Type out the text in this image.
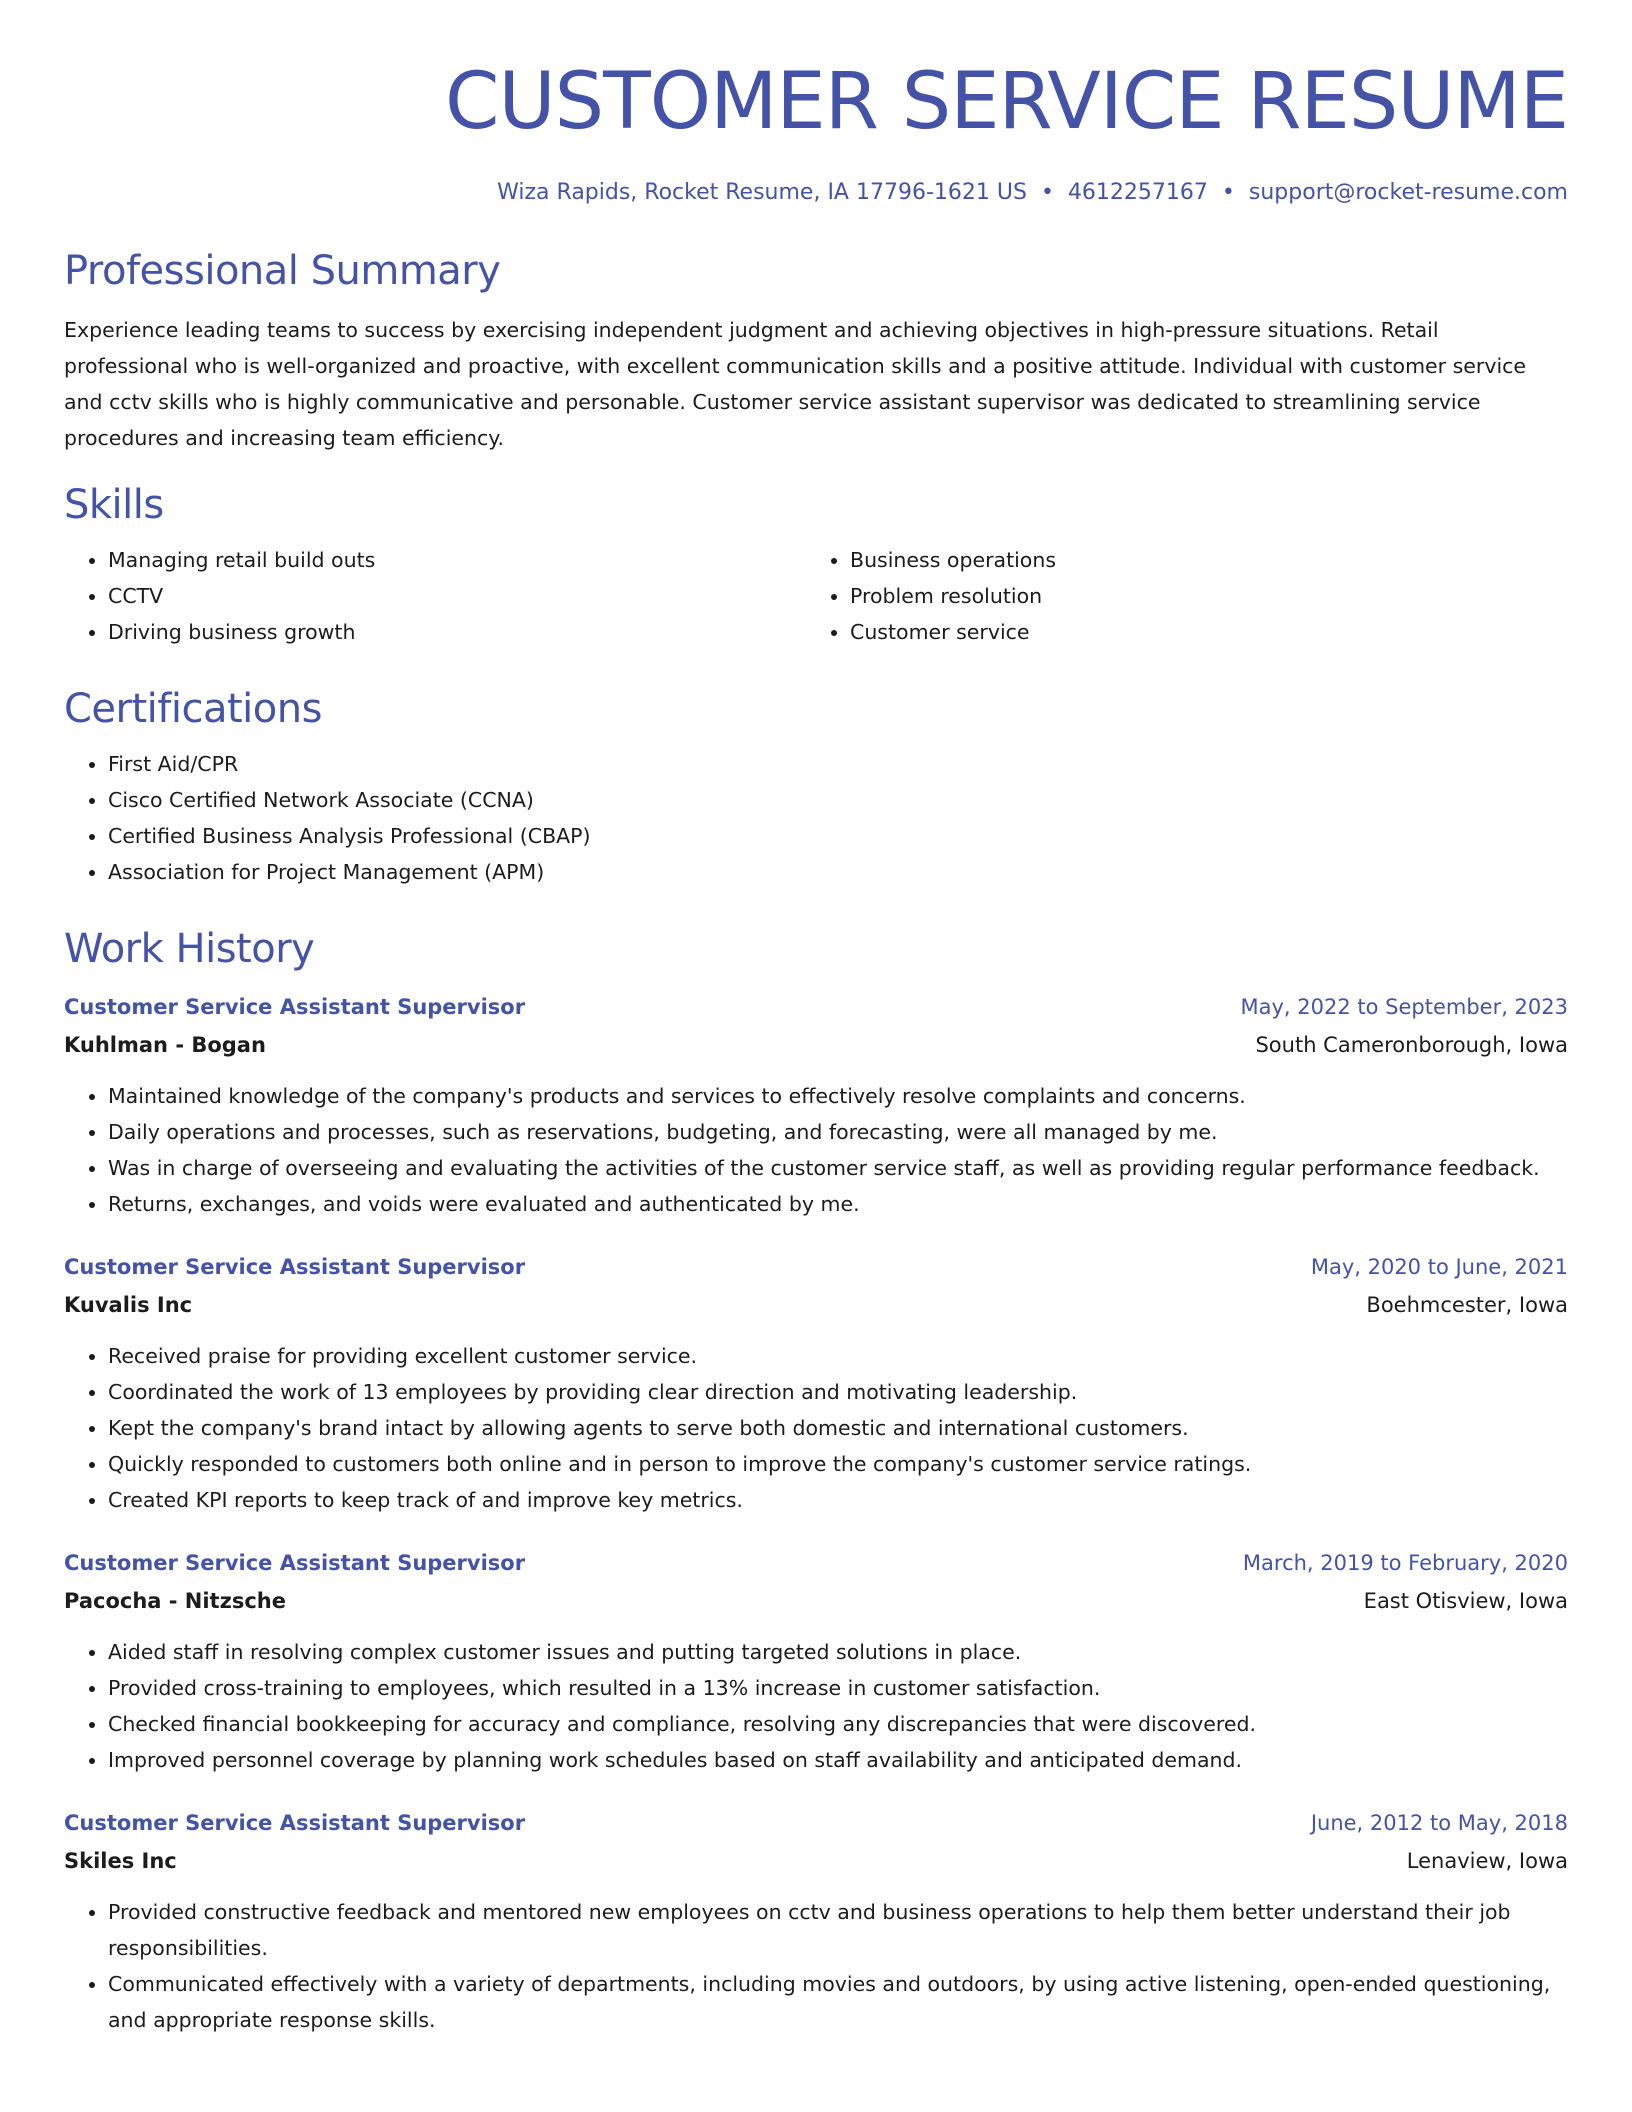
CUSTOMER SERVICE RESUME
Wiza Rapids, Rocket Resume, IA 17796-1621 US • 4612257167 • support@rocket-resume.com
Professional Summary

Experience leading teams to success by exercising independent judgment and achieving objectives in high-pressure situations. Retail professional who is well-organized and proactive, with excellent communication skills and a positive attitude. Individual with customer service and cctv skills who is highly communicative and personable. Customer service assistant supervisor was dedicated to streamlining service procedures and increasing team efficiency.

Skills
• Managing retail build outs
• CCTV
• Driving business growth
• Business operations
• Problem resolution
• Customer service
Certifications
• First Aid/CPR
• Cisco Certified Network Associate (CCNA)
• Certified Business Analysis Professional (CBAP)
• Association for Project Management (APM)
Work History
Customer Service Assistant Supervisor	May, 2022 to September, 2023
Kuhlman - Bogan	South Cameronborough, Iowa
• Maintained knowledge of the company's products and services to effectively resolve complaints and concerns.
• Daily operations and processes, such as reservations, budgeting, and forecasting, were all managed by me.
• Was in charge of overseeing and evaluating the activities of the customer service staff, as well as providing regular performance feedback.
• Returns, exchanges, and voids were evaluated and authenticated by me.
Customer Service Assistant Supervisor	May, 2020 to June, 2021
Kuvalis Inc	Boehmcester, Iowa
• Received praise for providing excellent customer service.
• Coordinated the work of 13 employees by providing clear direction and motivating leadership.
• Kept the company's brand intact by allowing agents to serve both domestic and international customers.
• Quickly responded to customers both online and in person to improve the company's customer service ratings.
• Created KPI reports to keep track of and improve key metrics.
Customer Service Assistant Supervisor	March, 2019 to February, 2020
Pacocha - Nitzsche	East Otisview, Iowa
• Aided staff in resolving complex customer issues and putting targeted solutions in place.
• Provided cross-training to employees, which resulted in a 13% increase in customer satisfaction.
• Checked financial bookkeeping for accuracy and compliance, resolving any discrepancies that were discovered.
• Improved personnel coverage by planning work schedules based on staff availability and anticipated demand.
Customer Service Assistant Supervisor	June, 2012 to May, 2018
Skiles Inc	Lenaview, Iowa
• Provided constructive feedback and mentored new employees on cctv and business operations to help them better understand their job responsibilities.
• Communicated effectively with a variety of departments, including movies and outdoors, by using active listening, open-ended questioning, and appropriate response skills.
